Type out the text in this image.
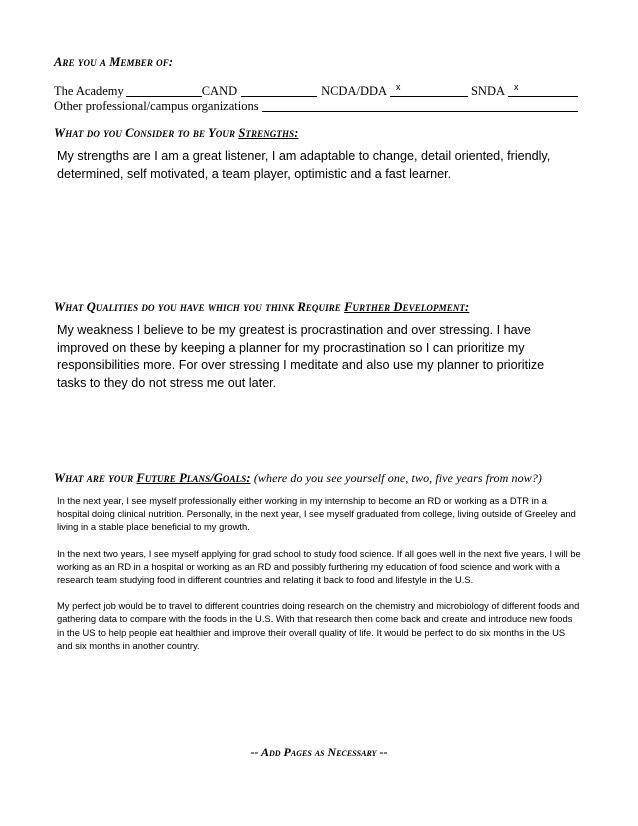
Are you a Member of:
The Academy	CAND	NCDA/DDA x	SNDA x
Other professional/campus organizations
What do you Consider to be Your Strengths:
My strengths are I am a great listener, I am adaptable to change, detail oriented, friendly, determined, self motivated, a team player, optimistic and a fast learner.
What Qualities do you have which you think Require Further Development:
My weakness I believe to be my greatest is procrastination and over stressing. I have improved on these by keeping a planner for my procrastination so I can prioritize my responsibilities more. For over stressing I meditate and also use my planner to prioritize tasks to they do not stress me out later.
What are your Future Plans/Goals: (where do you see yourself one, two, five years from now?)

In the next year, I see myself professionally either working in my internship to become an RD or working as a DTR in a hospital doing clinical nutrition. Personally, in the next year, I see myself graduated from college, living outside of Greeley and living in a stable place beneficial to my growth.

In the next two years, I see myself applying for grad school to study food science. If all goes well in the next five years, I will be working as an RD in a hospital or working as an RD and possibly furthering my education of food science and work with a research team studying food in different countries and relating it back to food and lifestyle in the U.S.

My perfect job would be to travel to different countries doing research on the chemistry and microbiology of different foods and gathering data to compare with the foods in the U.S. With that research then come back and create and introduce new foods in the US to help people eat healthier and improve their overall quality of life. It would be perfect to do six months in the US and six months in another country.

-- Add Pages as Necessary --
